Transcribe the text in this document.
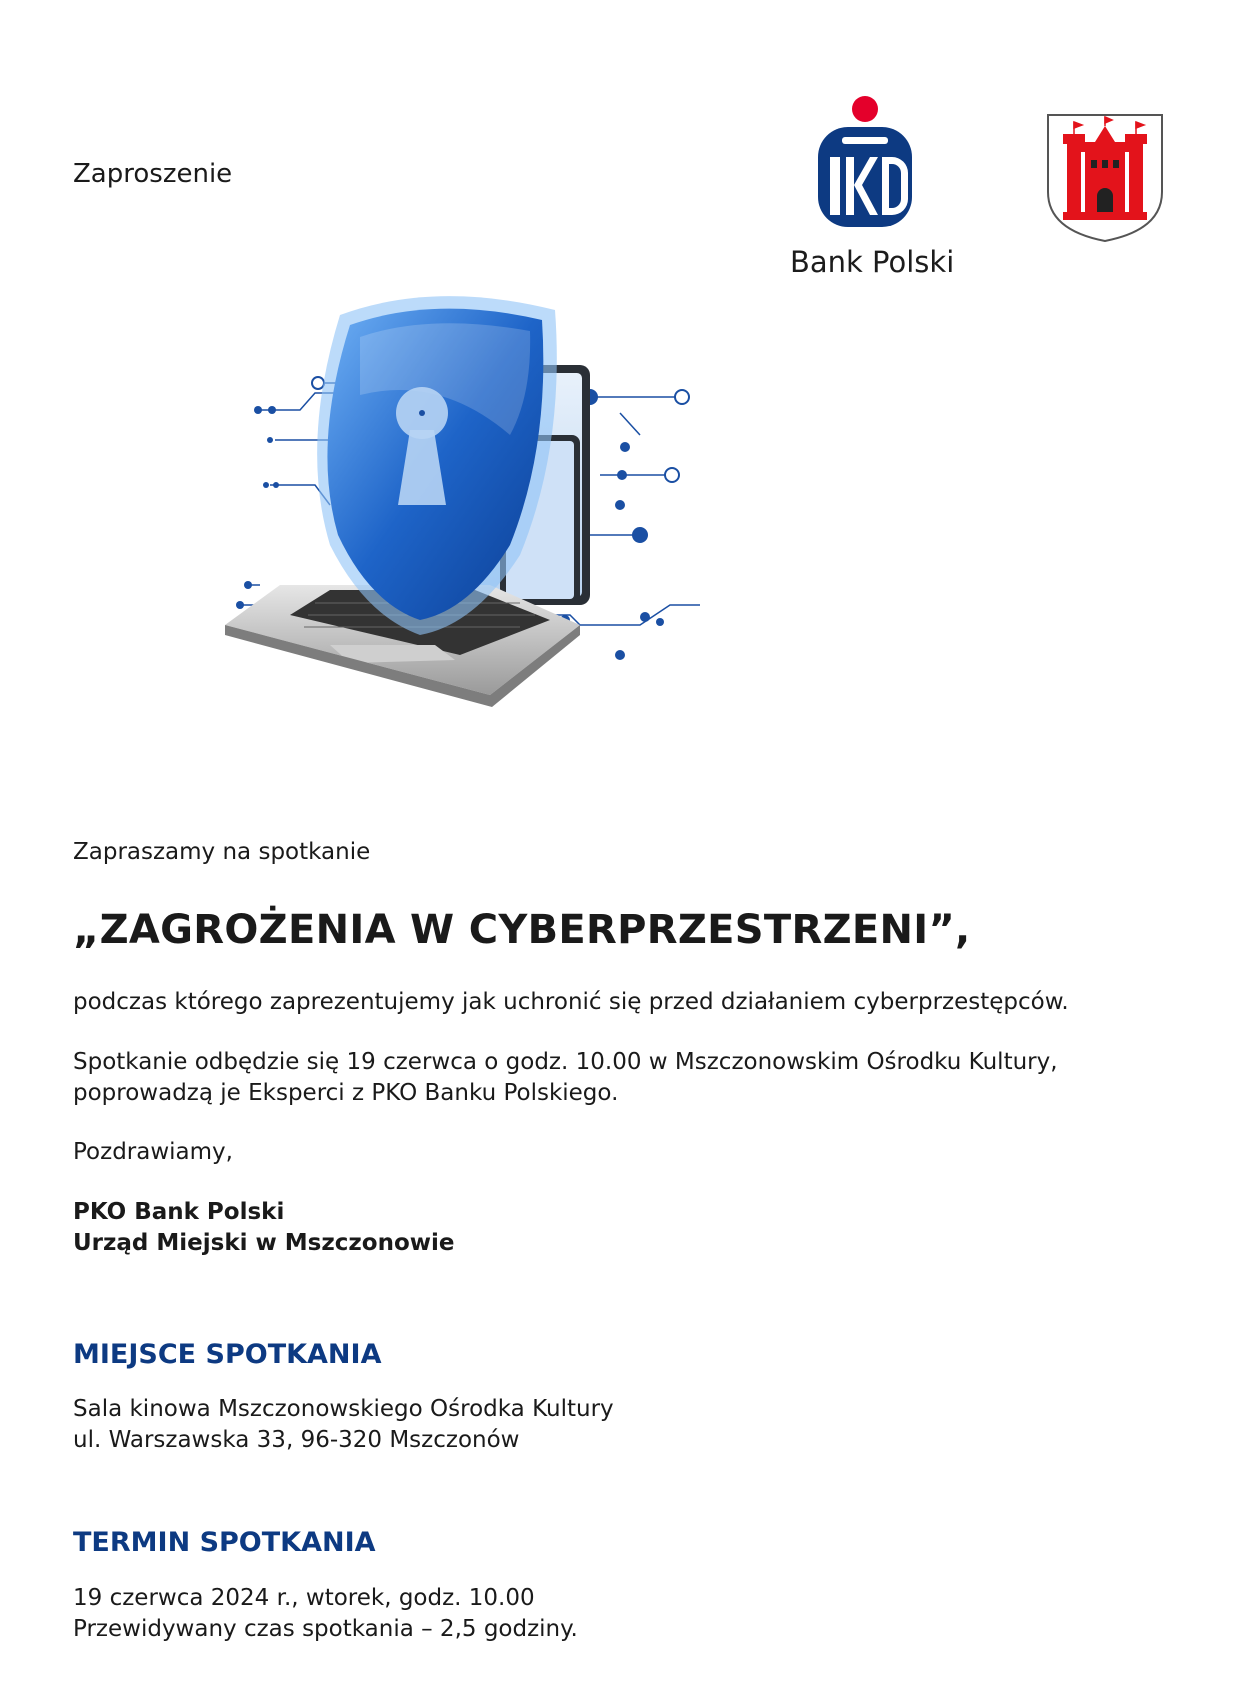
Zaproszenie
Bank Polski
Zapraszamy na spotkanie
„ZAGROŻENIA W CYBERPRZESTRZENI”,
podczas którego zaprezentujemy jak uchronić się przed działaniem cyberprzestępców.
Spotkanie odbędzie się 19 czerwca o godz. 10.00 w Mszczonowskim Ośrodku Kultury,
poprowadzą je Eksperci z PKO Banku Polskiego.
Pozdrawiamy,
PKO Bank Polski
Urząd Miejski w Mszczonowie
MIEJSCE SPOTKANIA
Sala kinowa Mszczonowskiego Ośrodka Kultury
ul. Warszawska 33, 96-320 Mszczonów
TERMIN SPOTKANIA
19 czerwca 2024 r., wtorek, godz. 10.00
Przewidywany czas spotkania – 2,5 godziny.
